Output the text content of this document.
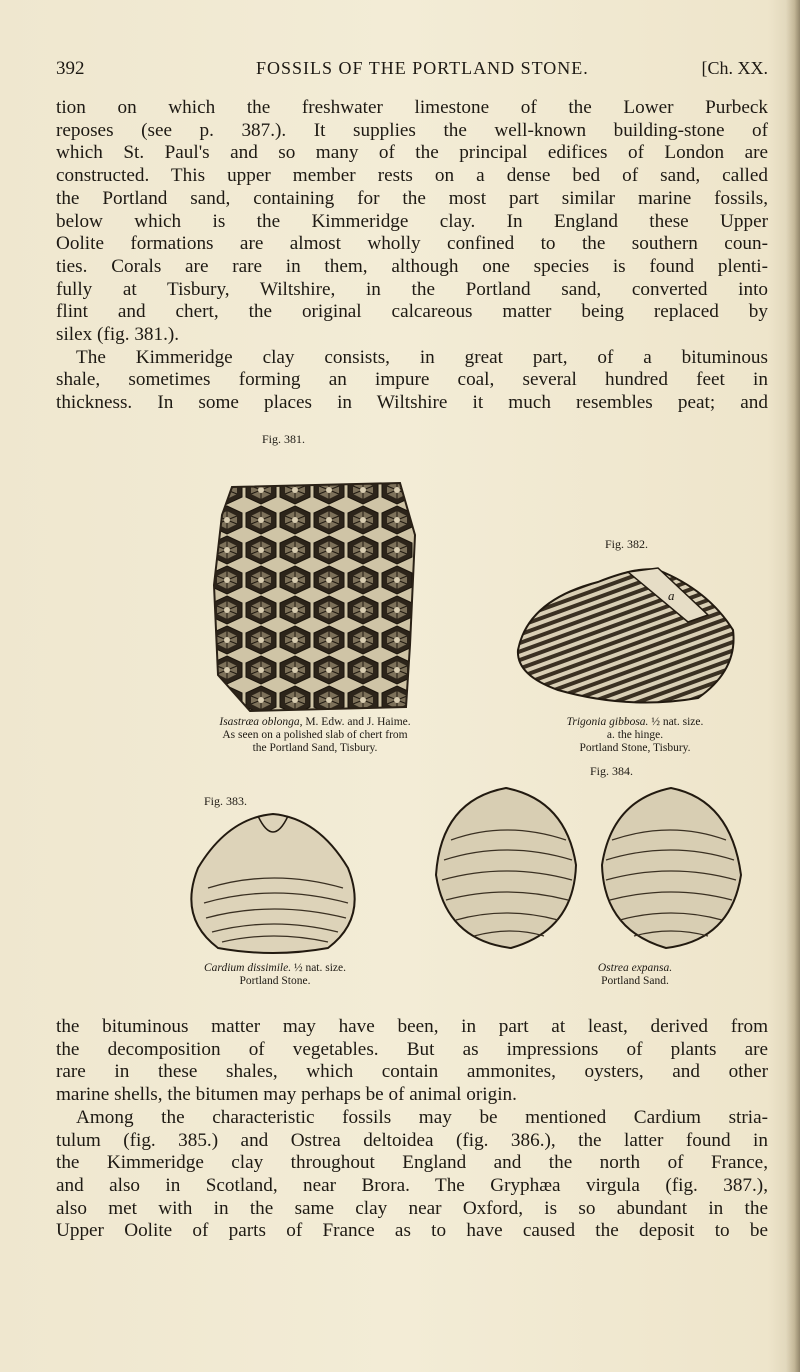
392	FOSSILS OF THE PORTLAND STONE.	[Ch. XX.
tion on which the freshwater limestone of the Lower Purbeck
reposes (see p. 387.). It supplies the well-known building-stone of
which St. Paul's and so many of the principal edifices of London are
constructed. This upper member rests on a dense bed of sand, called
the Portland sand, containing for the most part similar marine fossils,
below which is the Kimmeridge clay. In England these Upper
Oolite formations are almost wholly confined to the southern coun-
ties. Corals are rare in them, although one species is found plenti-
fully at Tisbury, Wiltshire, in the Portland sand, converted into
flint and chert, the original calcareous matter being replaced by
silex (fig. 381.).
The Kimmeridge clay consists, in great part, of a bituminous
shale, sometimes forming an impure coal, several hundred feet in
thickness. In some places in Wiltshire it much resembles peat; and
Fig. 381.
Isastræa oblonga, M. Edw. and J. Haime.
As seen on a polished slab of chert from
the Portland Sand, Tisbury.
Fig. 382.
a
Trigonia gibbosa. ½ nat. size.
a. the hinge.
Portland Stone, Tisbury.
Fig. 383.
Cardium dissimile. ½ nat. size.
Portland Stone.
Fig. 384.
Ostrea expansa.
Portland Sand.
the bituminous matter may have been, in part at least, derived from
the decomposition of vegetables. But as impressions of plants are
rare in these shales, which contain ammonites, oysters, and other
marine shells, the bitumen may perhaps be of animal origin.
Among the characteristic fossils may be mentioned Cardium stria-
tulum (fig. 385.) and Ostrea deltoidea (fig. 386.), the latter found in
the Kimmeridge clay throughout England and the north of France,
and also in Scotland, near Brora. The Gryphæa virgula (fig. 387.),
also met with in the same clay near Oxford, is so abundant in the
Upper Oolite of parts of France as to have caused the deposit to be
